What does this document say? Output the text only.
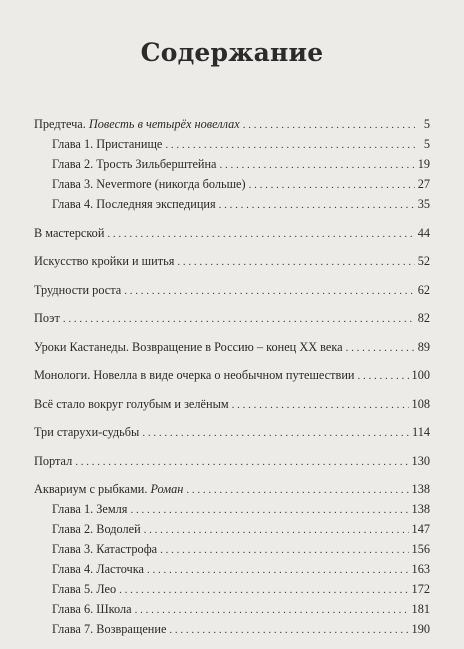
Содержание
Предтеча. Повесть в четырёх новеллах . . .	5
Глава 1. Пристанище . . .	5
Глава 2. Трость Зильберштейна . . .	19
Глава 3. Nevermore (никогда больше) . . .	27
Глава 4. Последняя экспедиция . . .	35
В мастерской . . .	44
Искусство кройки и шитья . . .	52
Трудности роста . . .	62
Поэт . . .	82
Уроки Кастанеды. Возвращение в Россию – конец XX века . . .	89
Монологи. Новелла в виде очерка о необычном путешествии . . .	100
Всё стало вокруг голубым и зелёным . . .	108
Три старухи-судьбы . . .	114
Портал . . .	130
Аквариум с рыбками. Роман . . .	138
Глава 1. Земля . . .	138
Глава 2. Водолей . . .	147
Глава 3. Катастрофа . . .	156
Глава 4. Ласточка . . .	163
Глава 5. Лео . . .	172
Глава 6. Школа . . .	181
Глава 7. Возвращение . . .	190
